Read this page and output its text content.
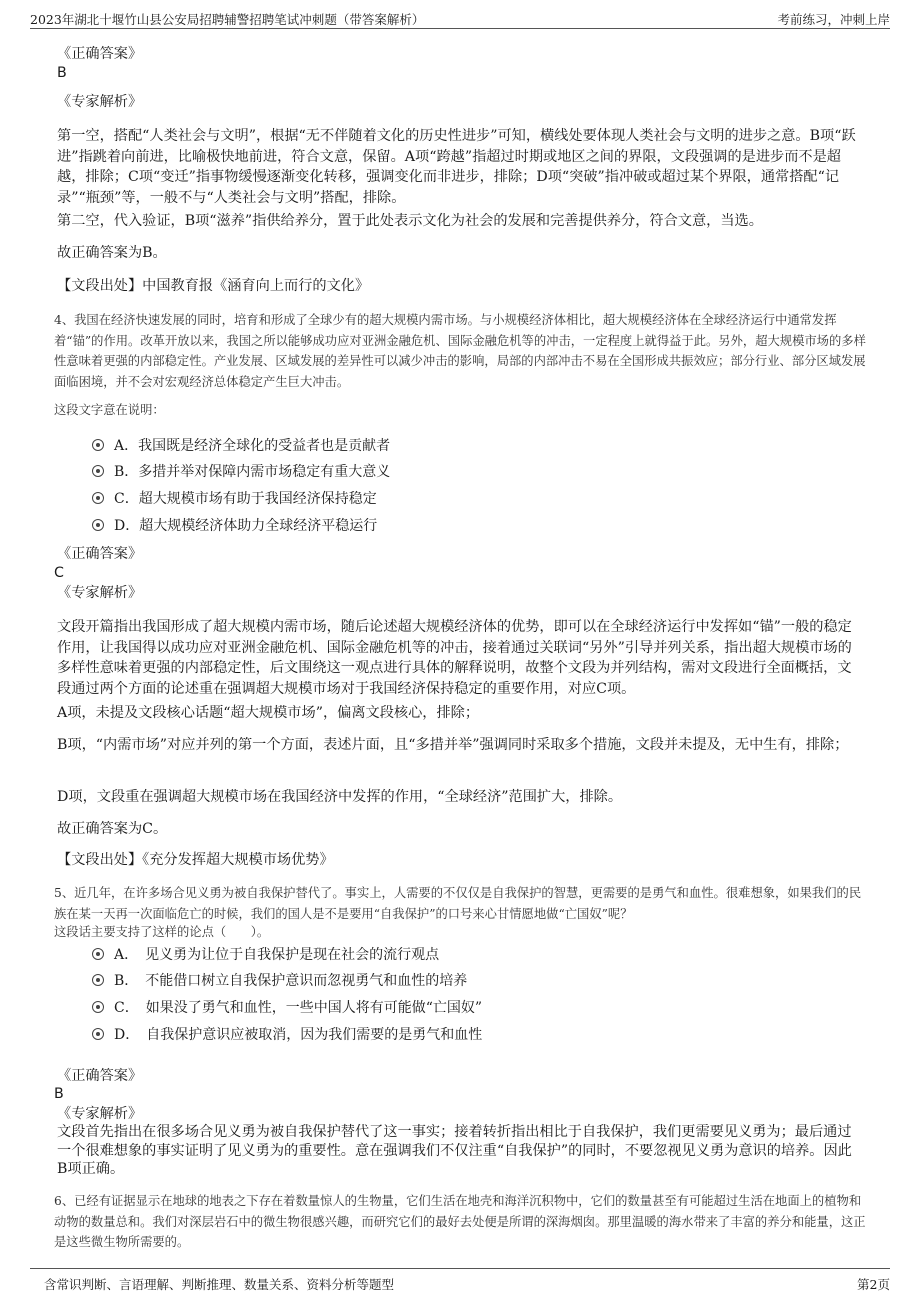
2023年湖北十堰竹山县公安局招聘辅警招聘笔试冲刺题（带答案解析）	考前练习，冲刺上岸

《正确答案》

B

《专家解析》

第一空，搭配“人类社会与文明”，根据“无不伴随着文化的历史性进步”可知，横线处要体现人类社会与文明的进步之意。B项“跃进”指跳着向前进，比喻极快地前进，符合文意，保留。A项“跨越”指超过时期或地区之间的界限，文段强调的是进步而不是超越，排除；C项“变迁”指事物缓慢逐渐变化转移，强调变化而非进步，排除；D项“突破”指冲破或超过某个界限，通常搭配“记录”“瓶颈”等，一般不与“人类社会与文明”搭配，排除。

第二空，代入验证，B项“滋养”指供给养分，置于此处表示文化为社会的发展和完善提供养分，符合文意，当选。

故正确答案为B。

【文段出处】中国教育报《涵育向上而行的文化》

4、我国在经济快速发展的同时，培育和形成了全球少有的超大规模内需市场。与小规模经济体相比，超大规模经济体在全球经济运行中通常发挥着“锚”的作用。改革开放以来，我国之所以能够成功应对亚洲金融危机、国际金融危机等的冲击，一定程度上就得益于此。另外，超大规模市场的多样性意味着更强的内部稳定性。产业发展、区域发展的差异性可以减少冲击的影响，局部的内部冲击不易在全国形成共振效应；部分行业、部分区域发展面临困境，并不会对宏观经济总体稳定产生巨大冲击。

这段文字意在说明：

A．我国既是经济全球化的受益者也是贡献者
B．多措并举对保障内需市场稳定有重大意义
C．超大规模市场有助于我国经济保持稳定
D．超大规模经济体助力全球经济平稳运行

《正确答案》

C

《专家解析》

文段开篇指出我国形成了超大规模内需市场，随后论述超大规模经济体的优势，即可以在全球经济运行中发挥如“锚”一般的稳定作用，让我国得以成功应对亚洲金融危机、国际金融危机等的冲击，接着通过关联词“另外”引导并列关系，指出超大规模市场的多样性意味着更强的内部稳定性，后文围绕这一观点进行具体的解释说明，故整个文段为并列结构，需对文段进行全面概括，文段通过两个方面的论述重在强调超大规模市场对于我国经济保持稳定的重要作用，对应C项。

A项，未提及文段核心话题“超大规模市场”，偏离文段核心，排除；

B项，“内需市场”对应并列的第一个方面，表述片面，且“多措并举”强调同时采取多个措施，文段并未提及，无中生有，排除；

D项，文段重在强调超大规模市场在我国经济中发挥的作用，“全球经济”范围扩大，排除。

故正确答案为C。

【文段出处】《充分发挥超大规模市场优势》

5、近几年，在许多场合见义勇为被自我保护替代了。事实上，人需要的不仅仅是自我保护的智慧，更需要的是勇气和血性。很难想象，如果我们的民族在某一天再一次面临危亡的时候，我们的国人是不是要用“自我保护”的口号来心甘情愿地做“亡国奴”呢？

这段话主要支持了这样的论点（　　）。

A．　见义勇为让位于自我保护是现在社会的流行观点
B．　不能借口树立自我保护意识而忽视勇气和血性的培养
C．　如果没了勇气和血性，一些中国人将有可能做“亡国奴”
D．　自我保护意识应被取消，因为我们需要的是勇气和血性

《正确答案》

B

《专家解析》

文段首先指出在很多场合见义勇为被自我保护替代了这一事实；接着转折指出相比于自我保护，我们更需要见义勇为；最后通过一个很难想象的事实证明了见义勇为的重要性。意在强调我们不仅注重“自我保护”的同时，不要忽视见义勇为意识的培养。因此B项正确。

6、已经有证据显示在地球的地表之下存在着数量惊人的生物量，它们生活在地壳和海洋沉积物中，它们的数量甚至有可能超过生活在地面上的植物和动物的数量总和。我们对深层岩石中的微生物很感兴趣，而研究它们的最好去处便是所谓的深海烟囱。那里温暖的海水带来了丰富的养分和能量，这正是这些微生物所需要的。

含常识判断、言语理解、判断推理、数量关系、资料分析等题型	第2页
